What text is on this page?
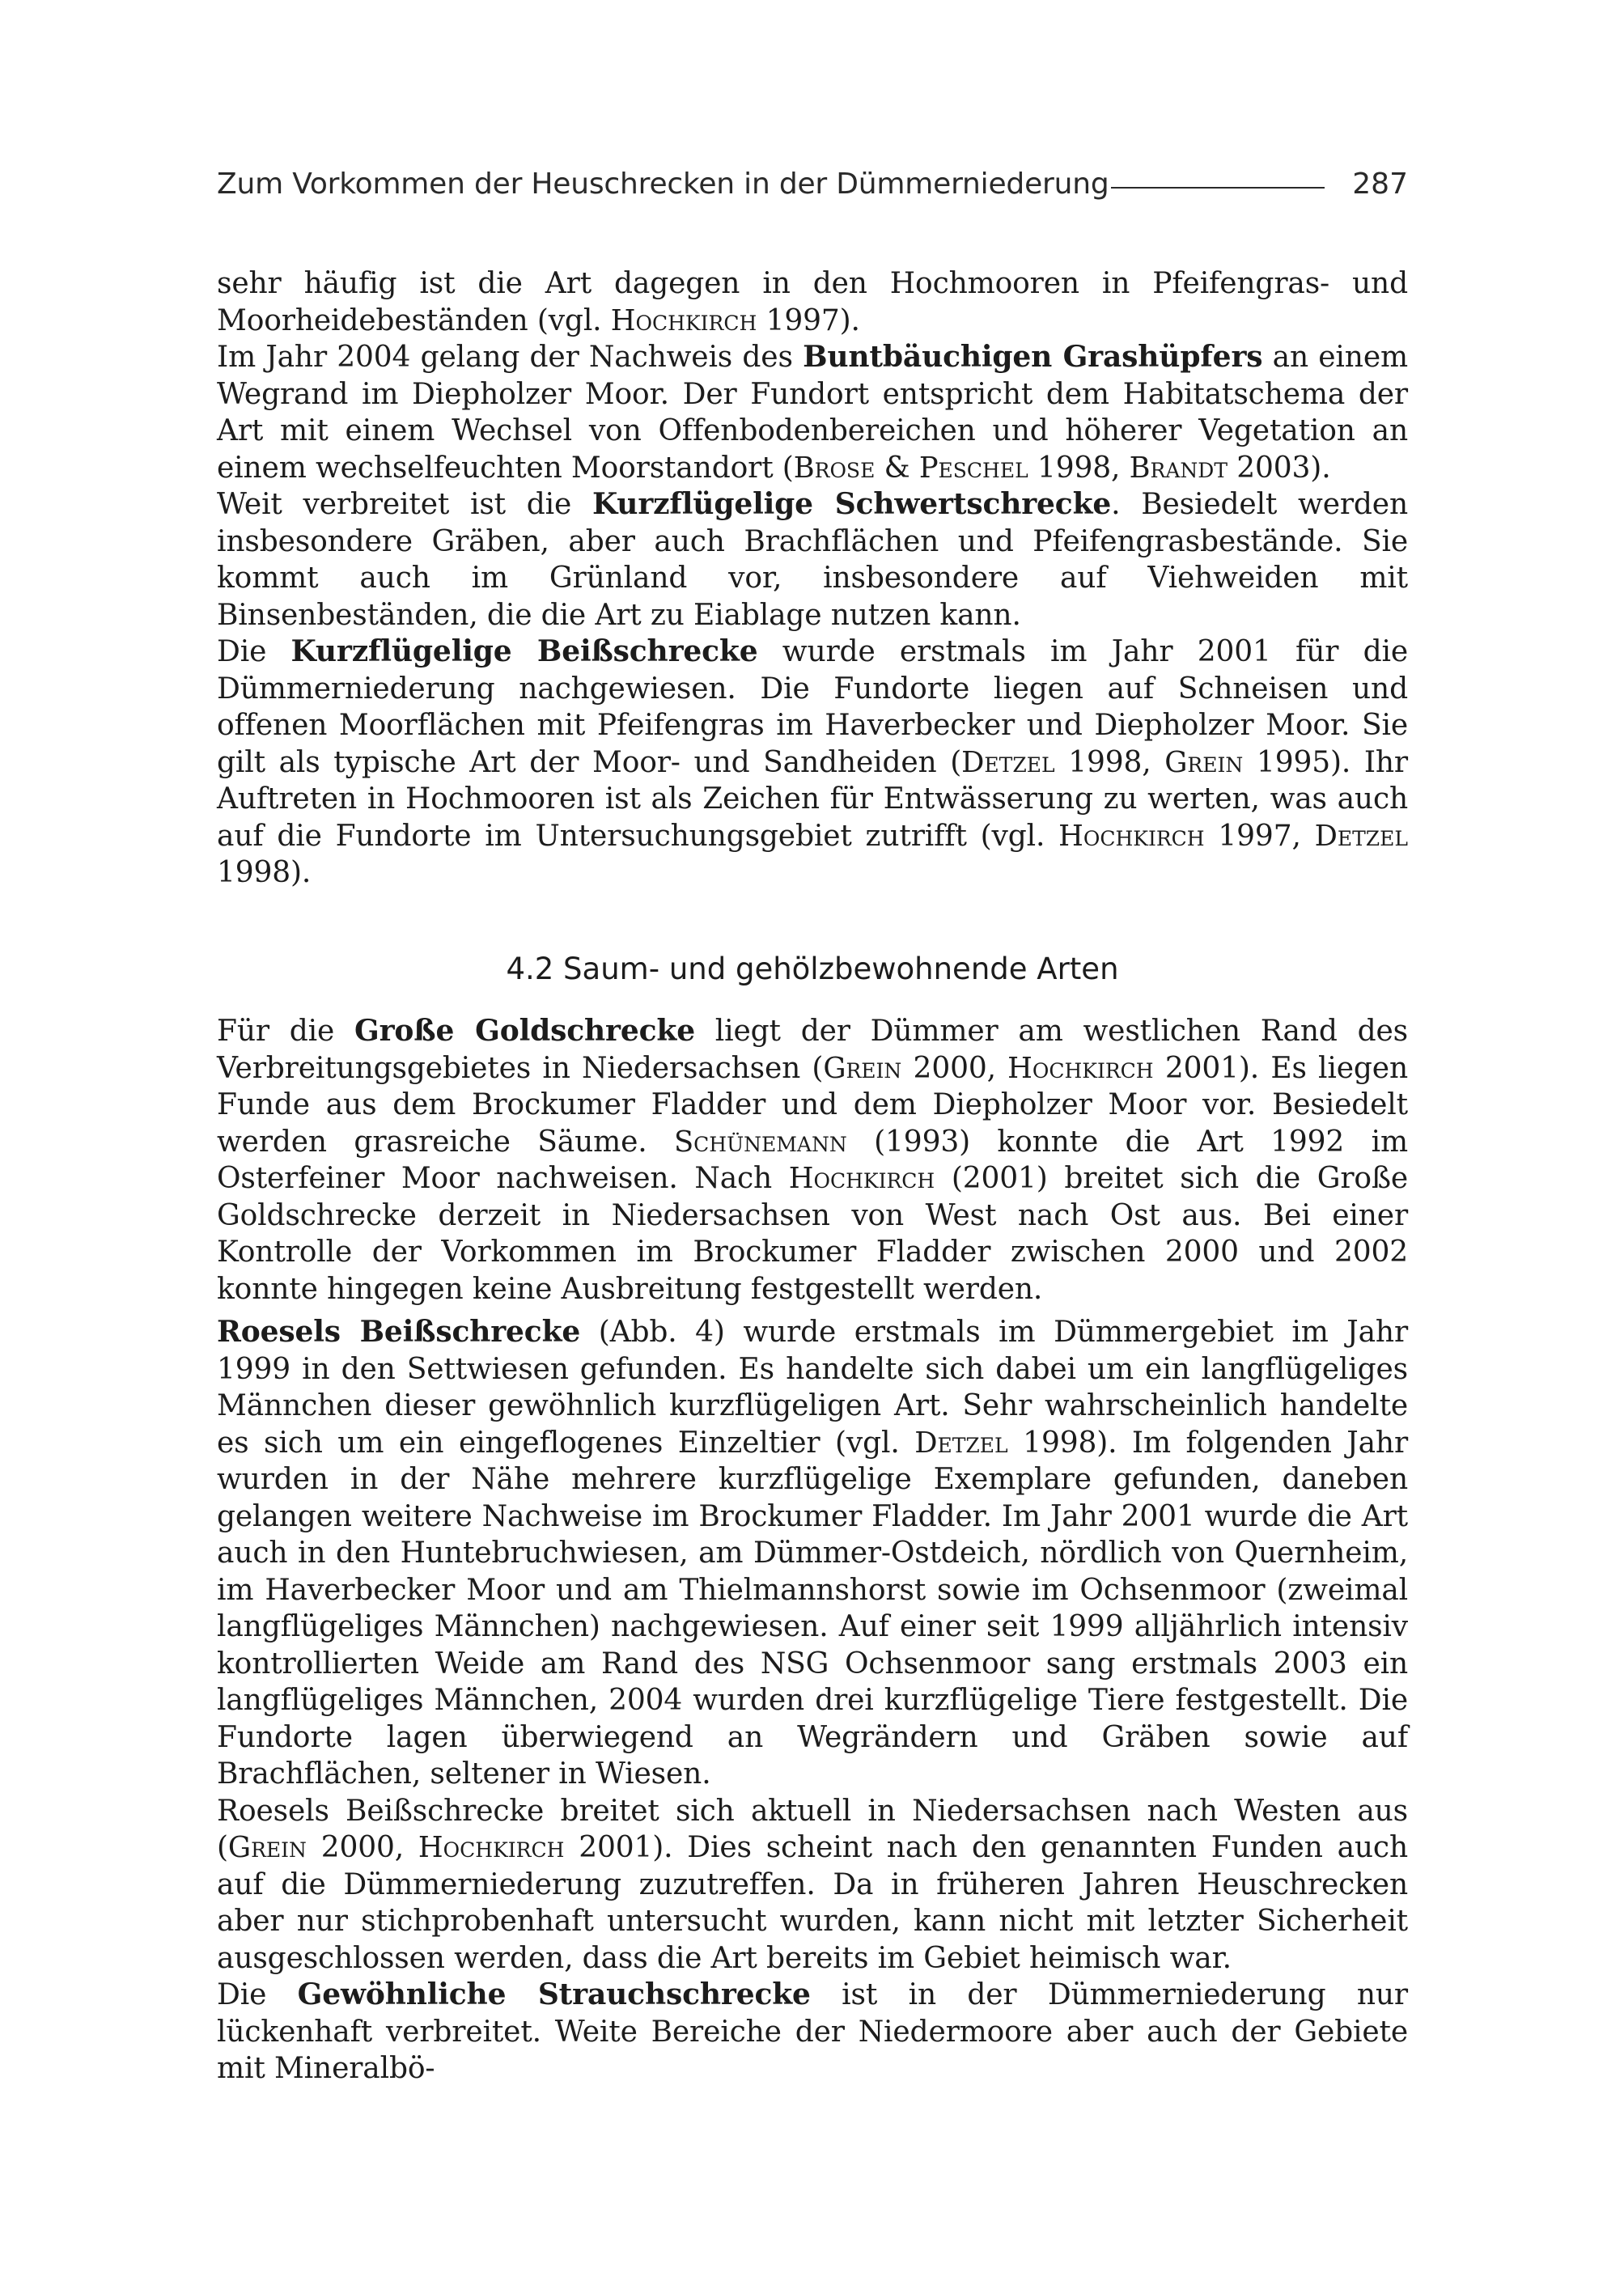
Zum Vorkommen der Heuschrecken in der Dümmerniederung	287

sehr häufig ist die Art dagegen in den Hochmooren in Pfeifengras- und Moorheidebeständen (vgl. Hochkirch 1997).

Im Jahr 2004 gelang der Nachweis des Buntbäuchigen Grashüpfers an einem Wegrand im Diepholzer Moor. Der Fundort entspricht dem Habitatschema der Art mit einem Wechsel von Offenbodenbereichen und höherer Vegetation an einem wechselfeuchten Moorstandort (Brose & Peschel 1998, Brandt 2003).

Weit verbreitet ist die Kurzflügelige Schwertschrecke. Besiedelt werden insbesondere Gräben, aber auch Brachflächen und Pfeifengrasbestände. Sie kommt auch im Grünland vor, insbesondere auf Viehweiden mit Binsenbeständen, die die Art zu Eiablage nutzen kann.

Die Kurzflügelige Beißschrecke wurde erstmals im Jahr 2001 für die Dümmerniederung nachgewiesen. Die Fundorte liegen auf Schneisen und offenen Moorflächen mit Pfeifengras im Haverbecker und Diepholzer Moor. Sie gilt als typische Art der Moor- und Sandheiden (Detzel 1998, Grein 1995). Ihr Auftreten in Hochmooren ist als Zeichen für Entwässerung zu werten, was auch auf die Fundorte im Untersuchungsgebiet zutrifft (vgl. Hochkirch 1997, Detzel 1998).

4.2 Saum- und gehölzbewohnende Arten

Für die Große Goldschrecke liegt der Dümmer am westlichen Rand des Verbreitungsgebietes in Niedersachsen (Grein 2000, Hochkirch 2001). Es liegen Funde aus dem Brockumer Fladder und dem Diepholzer Moor vor. Besiedelt werden grasreiche Säume. Schünemann (1993) konnte die Art 1992 im Osterfeiner Moor nachweisen. Nach Hochkirch (2001) breitet sich die Große Goldschrecke derzeit in Niedersachsen von West nach Ost aus. Bei einer Kontrolle der Vorkommen im Brockumer Fladder zwischen 2000 und 2002 konnte hingegen keine Ausbreitung festgestellt werden.

Roesels Beißschrecke (Abb. 4) wurde erstmals im Dümmergebiet im Jahr 1999 in den Settwiesen gefunden. Es handelte sich dabei um ein langflügeliges Männchen dieser gewöhnlich kurzflügeligen Art. Sehr wahrscheinlich handelte es sich um ein eingeflogenes Einzeltier (vgl. Detzel 1998). Im folgenden Jahr wurden in der Nähe mehrere kurzflügelige Exemplare gefunden, daneben gelangen weitere Nachweise im Brockumer Fladder. Im Jahr 2001 wurde die Art auch in den Huntebruchwiesen, am Dümmer-Ostdeich, nördlich von Quernheim, im Haverbecker Moor und am Thielmannshorst sowie im Ochsenmoor (zweimal langflügeliges Männchen) nachgewiesen. Auf einer seit 1999 alljährlich intensiv kontrollierten Weide am Rand des NSG Ochsenmoor sang erstmals 2003 ein langflügeliges Männchen, 2004 wurden drei kurzflügelige Tiere festgestellt. Die Fundorte lagen überwiegend an Wegrändern und Gräben sowie auf Brachflächen, seltener in Wiesen.

Roesels Beißschrecke breitet sich aktuell in Niedersachsen nach Westen aus (Grein 2000, Hochkirch 2001). Dies scheint nach den genannten Funden auch auf die Dümmerniederung zuzutreffen. Da in früheren Jahren Heuschrecken aber nur stichprobenhaft untersucht wurden, kann nicht mit letzter Sicherheit ausgeschlossen werden, dass die Art bereits im Gebiet heimisch war.

Die Gewöhnliche Strauchschrecke ist in der Dümmerniederung nur lückenhaft verbreitet. Weite Bereiche der Niedermoore aber auch der Gebiete mit Mineralbö-
